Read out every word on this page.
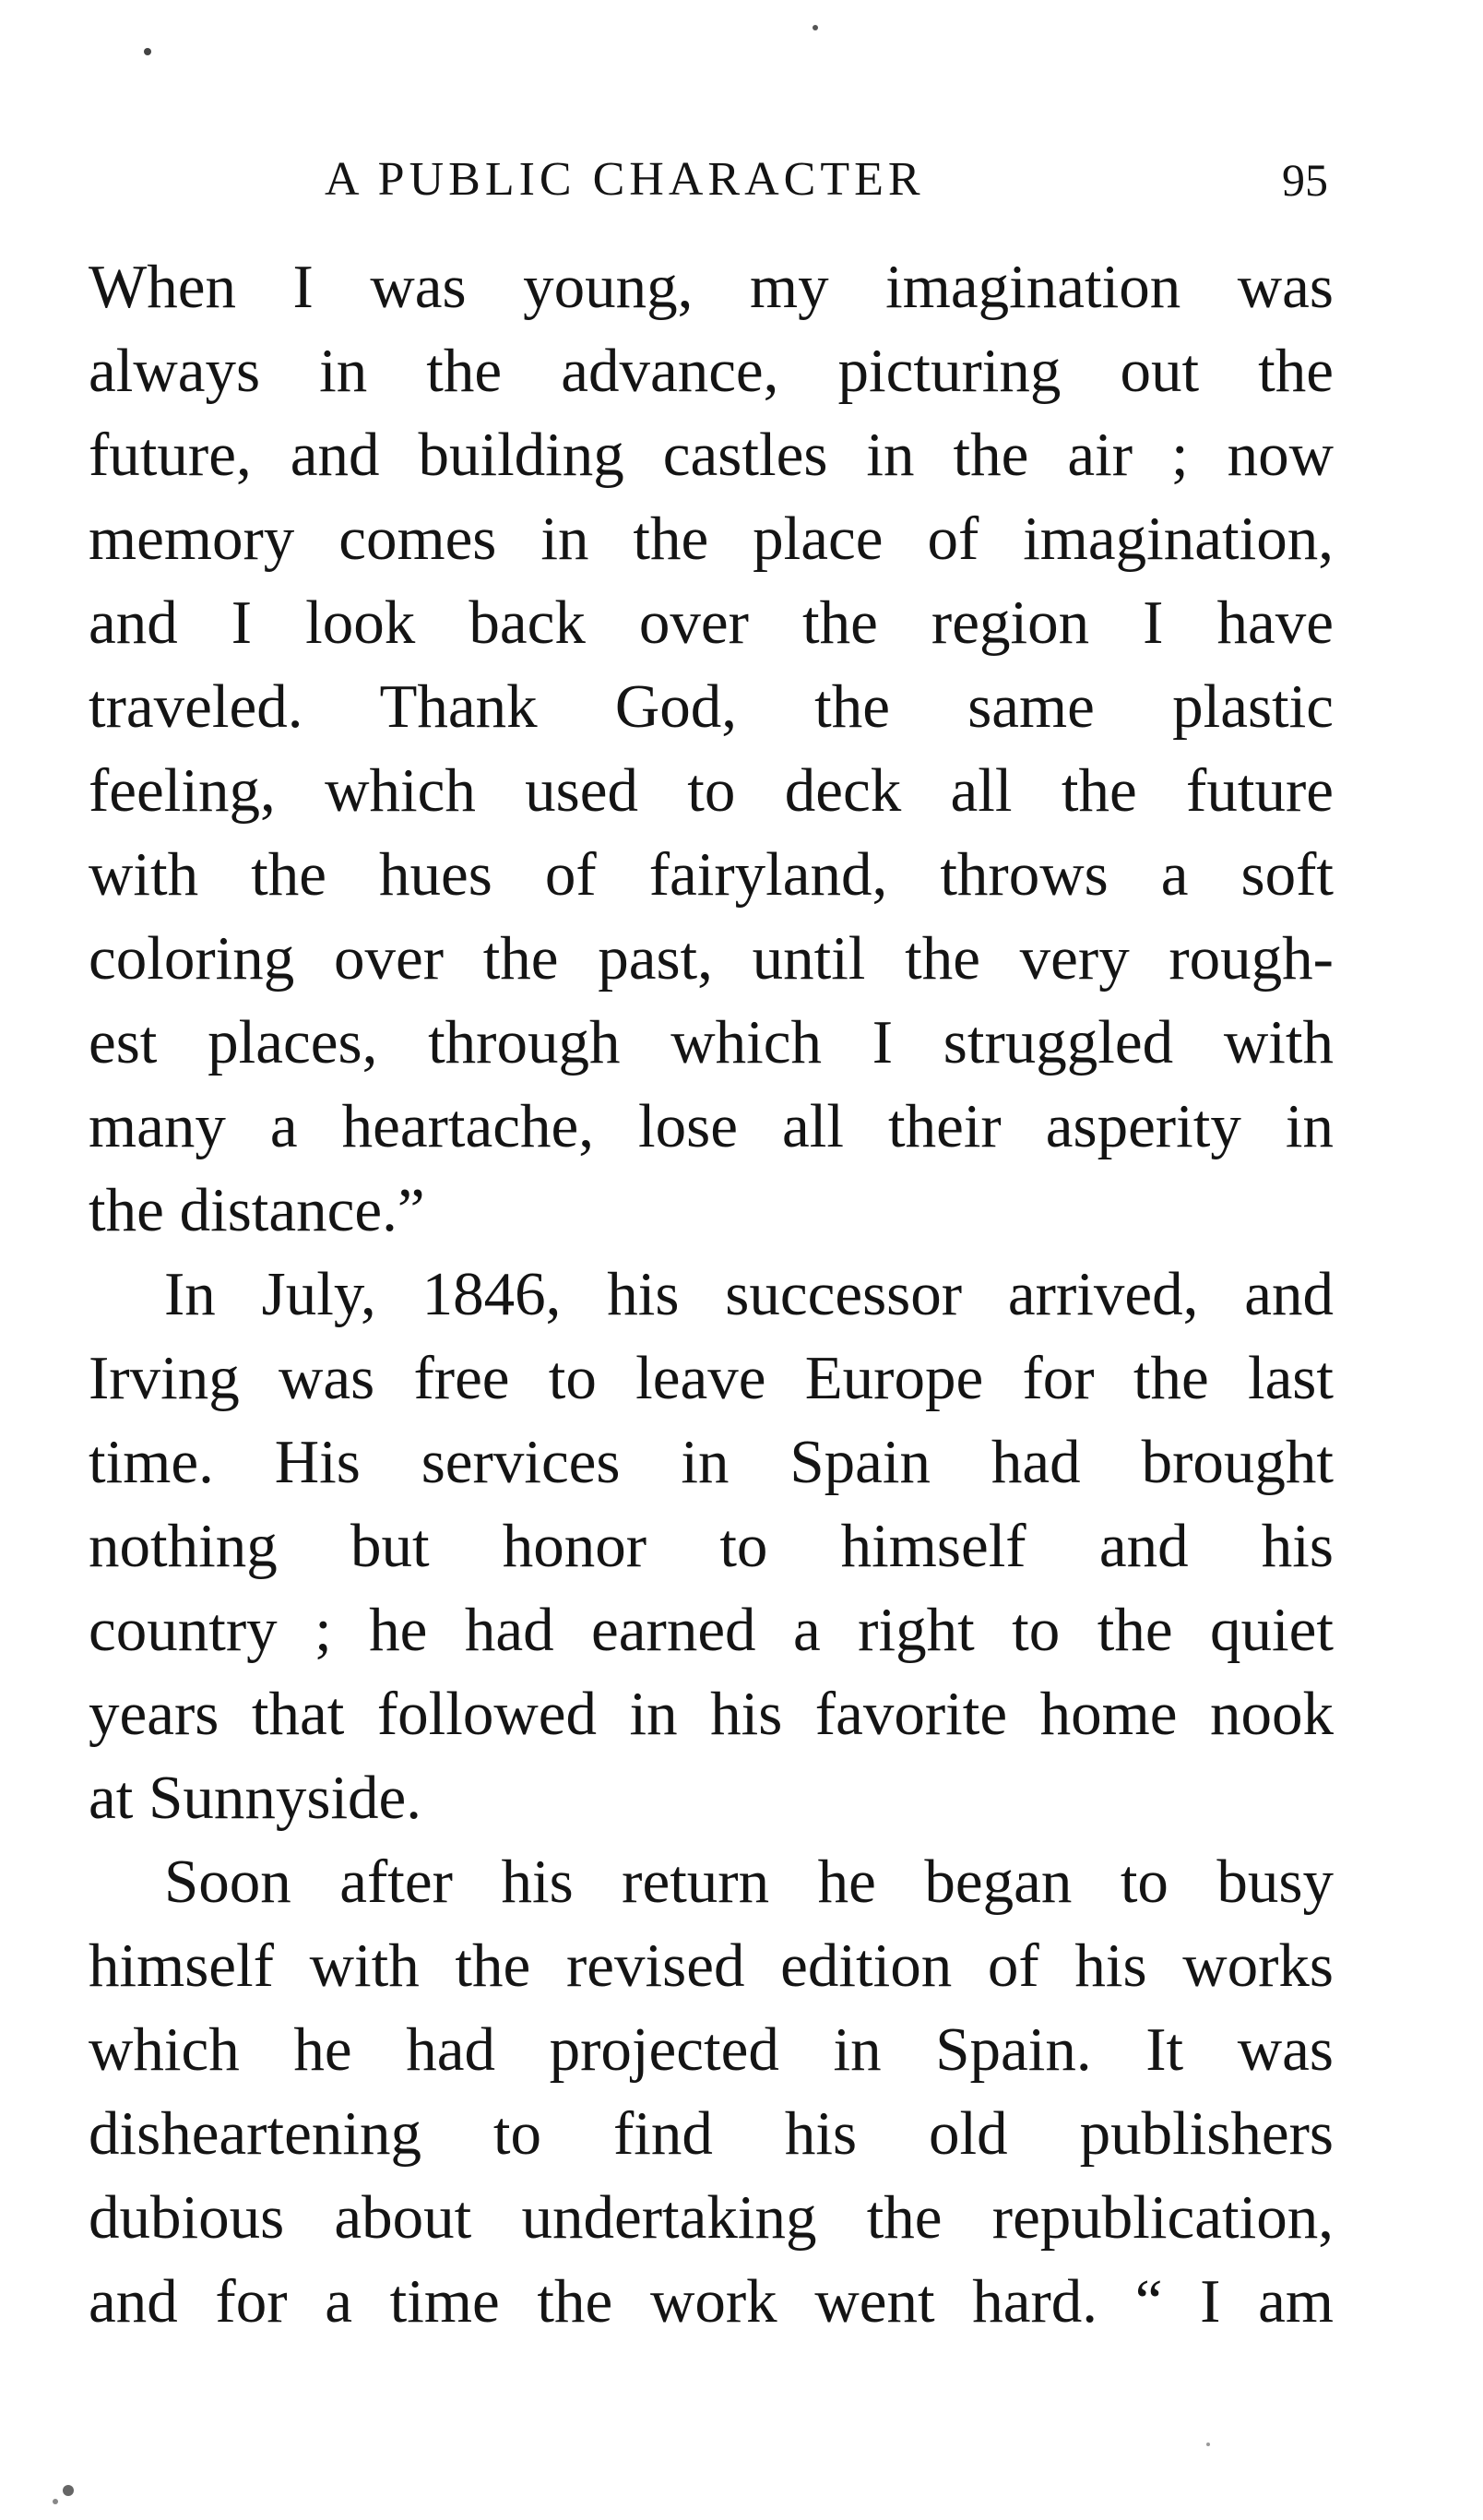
A PUBLIC CHARACTER	95
When I was young, my imagination was
always in the advance, picturing out the
future, and building castles in the air ; now
memory comes in the place of imagination,
and I look back over the region I have
traveled. Thank God, the same plastic
feeling, which used to deck all the future
with the hues of fairyland, throws a soft
coloring over the past, until the very rough-
est places, through which I struggled with
many a heartache, lose all their asperity in
the distance.”
In July, 1846, his successor arrived, and
Irving was free to leave Europe for the last
time. His services in Spain had brought
nothing but honor to himself and his
country ; he had earned a right to the quiet
years that followed in his favorite home nook
at Sunnyside.
Soon after his return he began to busy
himself with the revised edition of his works
which he had projected in Spain. It was
disheartening to find his old publishers
dubious about undertaking the republication,
and for a time the work went hard. “ I am
